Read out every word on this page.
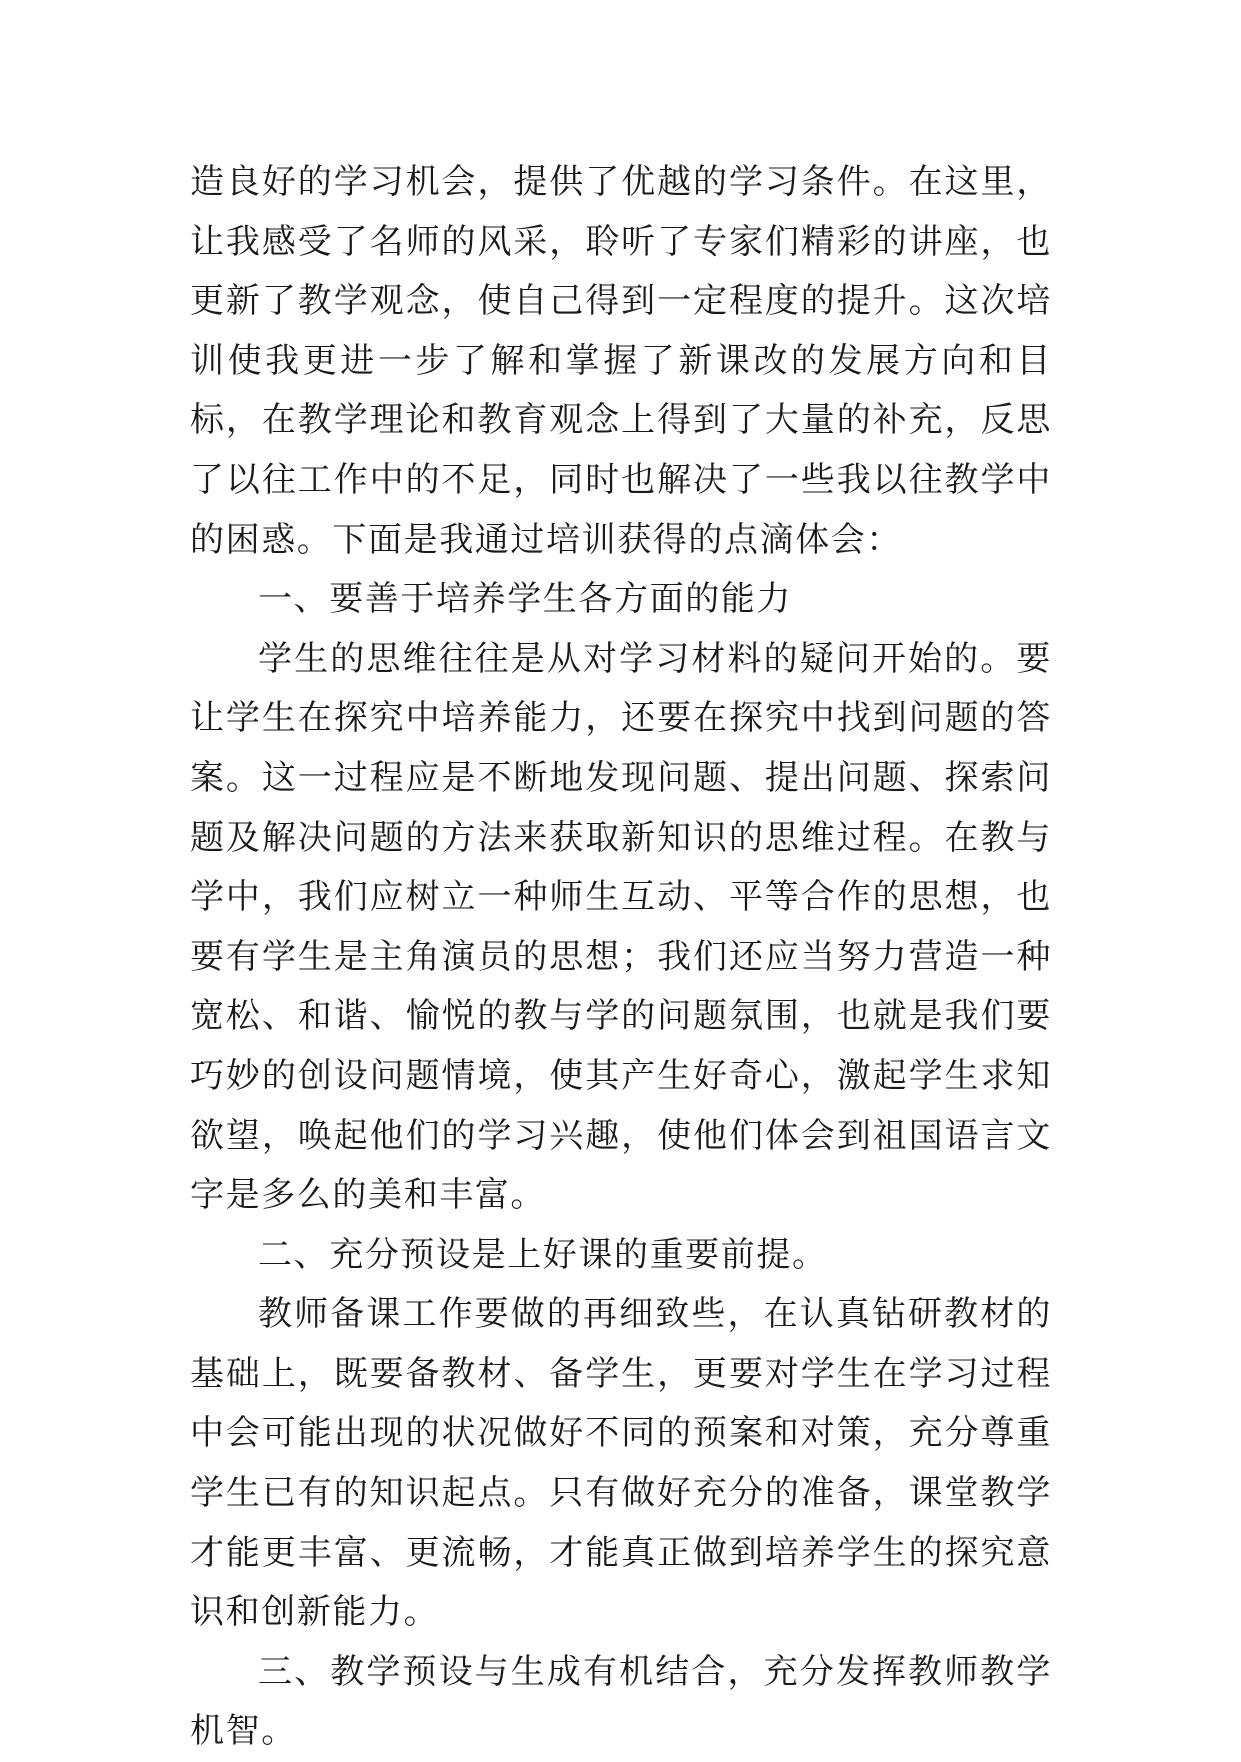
造良好的学习机会，提供了优越的学习条件。在这里，让我感受了名师的风采，聆听了专家们精彩的讲座，也更新了教学观念，使自己得到一定程度的提升。这次培训使我更进一步了解和掌握了新课改的发展方向和目标，在教学理论和教育观念上得到了大量的补充，反思了以往工作中的不足，同时也解决了一些我以往教学中的困惑。下面是我通过培训获得的点滴体会：

一、要善于培养学生各方面的能力

学生的思维往往是从对学习材料的疑问开始的。要让学生在探究中培养能力，还要在探究中找到问题的答案。这一过程应是不断地发现问题、提出问题、探索问题及解决问题的方法来获取新知识的思维过程。在教与学中，我们应树立一种师生互动、平等合作的思想，也要有学生是主角演员的思想；我们还应当努力营造一种宽松、和谐、愉悦的教与学的问题氛围，也就是我们要巧妙的创设问题情境，使其产生好奇心，激起学生求知欲望，唤起他们的学习兴趣，使他们体会到祖国语言文字是多么的美和丰富。

二、充分预设是上好课的重要前提。

教师备课工作要做的再细致些，在认真钻研教材的基础上，既要备教材、备学生，更要对学生在学习过程中会可能出现的状况做好不同的预案和对策，充分尊重学生已有的知识起点。只有做好充分的准备，课堂教学才能更丰富、更流畅，才能真正做到培养学生的探究意识和创新能力。

三、教学预设与生成有机结合，充分发挥教师教学机智。
